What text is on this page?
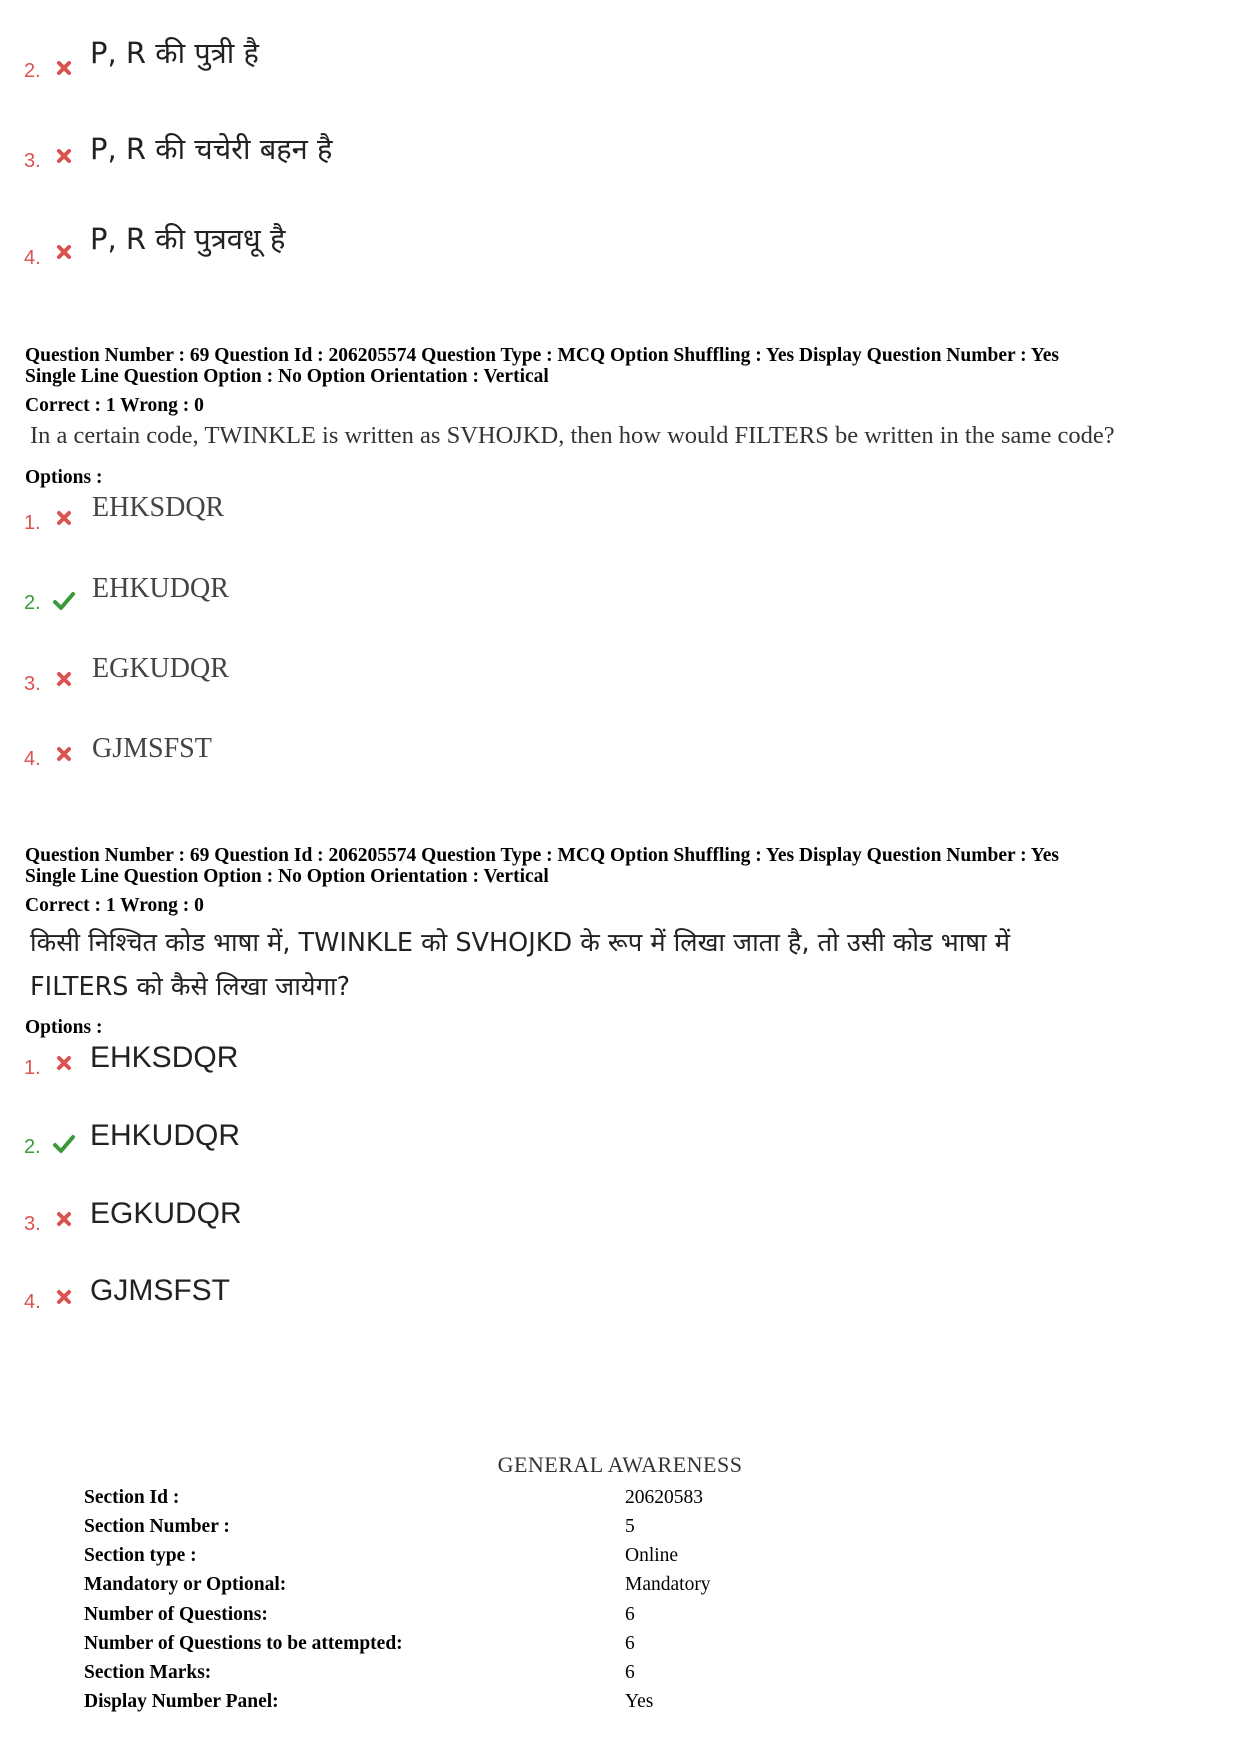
2.
P, R की पुत्री है
3. P, R की चचेरी बहन है
4.
P, R की पुत्रवधू है
Question Number : 69 Question Id : 206205574 Question Type : MCQ Option Shuffling : Yes Display Question Number : Yes
Single Line Question Option : No Option Orientation : Vertical
Correct : 1 Wrong : 0
In a certain code, TWINKLE is written as SVHOJKD, then how would FILTERS be written in the same code?
Options :
1. EHKSDQR
2. EHKUDQR
3. EGKUDQR
4. GJMSFST
Question Number : 69 Question Id : 206205574 Question Type : MCQ Option Shuffling : Yes Display Question Number : Yes
Single Line Question Option : No Option Orientation : Vertical
Correct : 1 Wrong : 0
किसी निश्चित कोड भाषा में, TWINKLE को SVHOJKD के रूप में लिखा जाता है, तो उसी कोड भाषा में
FILTERS को कैसे लिखा जायेगा?
Options :
1. EHKSDQR
2. EHKUDQR
3. EGKUDQR
4. GJMSFST
GENERAL AWARENESS
Section Id :	20620583
Section Number :	5
Section type :	Online
Mandatory or Optional:	Mandatory
Number of Questions:	6
Number of Questions to be attempted:	6
Section Marks:	6
Display Number Panel:	Yes
